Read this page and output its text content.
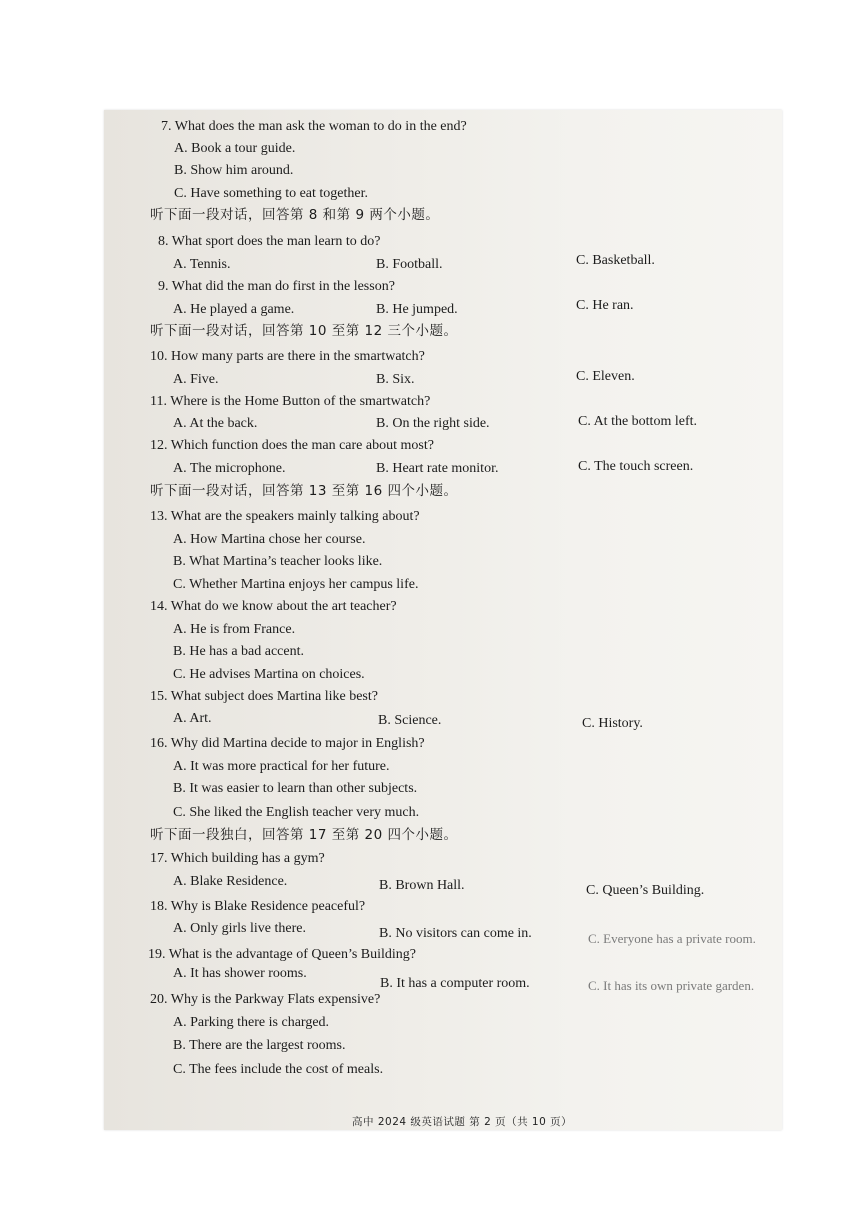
7. What does the man ask the woman to do in the end?
A. Book a tour guide.
B. Show him around.
C. Have something to eat together.
听下面一段对话，回答第 8 和第 9 两个小题。
8. What sport does the man learn to do?
A. Tennis.	B. Football.	C. Basketball.
9. What did the man do first in the lesson?
A. He played a game.	B. He jumped.	C. He ran.
听下面一段对话，回答第 10 至第 12 三个小题。
10. How many parts are there in the smartwatch?
A. Five.	B. Six.	C. Eleven.
11. Where is the Home Button of the smartwatch?
A. At the back.	B. On the right side.	C. At the bottom left.
12. Which function does the man care about most?
A. The microphone.	B. Heart rate monitor.	C. The touch screen.
听下面一段对话，回答第 13 至第 16 四个小题。
13. What are the speakers mainly talking about?
A. How Martina chose her course.
B. What Martina’s teacher looks like.
C. Whether Martina enjoys her campus life.
14. What do we know about the art teacher?
A. He is from France.
B. He has a bad accent.
C. He advises Martina on choices.
15. What subject does Martina like best?
A. Art.	B. Science.	C. History.
16. Why did Martina decide to major in English?
A. It was more practical for her future.
B. It was easier to learn than other subjects.
C. She liked the English teacher very much.
听下面一段独白，回答第 17 至第 20 四个小题。
17. Which building has a gym?
A. Blake Residence.	B. Brown Hall.	C. Queen’s Building.
18. Why is Blake Residence peaceful?
A. Only girls live there.	B. No visitors can come in.	C. Everyone has a private room.
19. What is the advantage of Queen’s Building?
A. It has shower rooms.
B. It has a computer room.	C. It has its own private garden.
20. Why is the Parkway Flats expensive?
A. Parking there is charged.
B. There are the largest rooms.
C. The fees include the cost of meals.
高中 2024 级英语试题 第 2 页（共 10 页）
